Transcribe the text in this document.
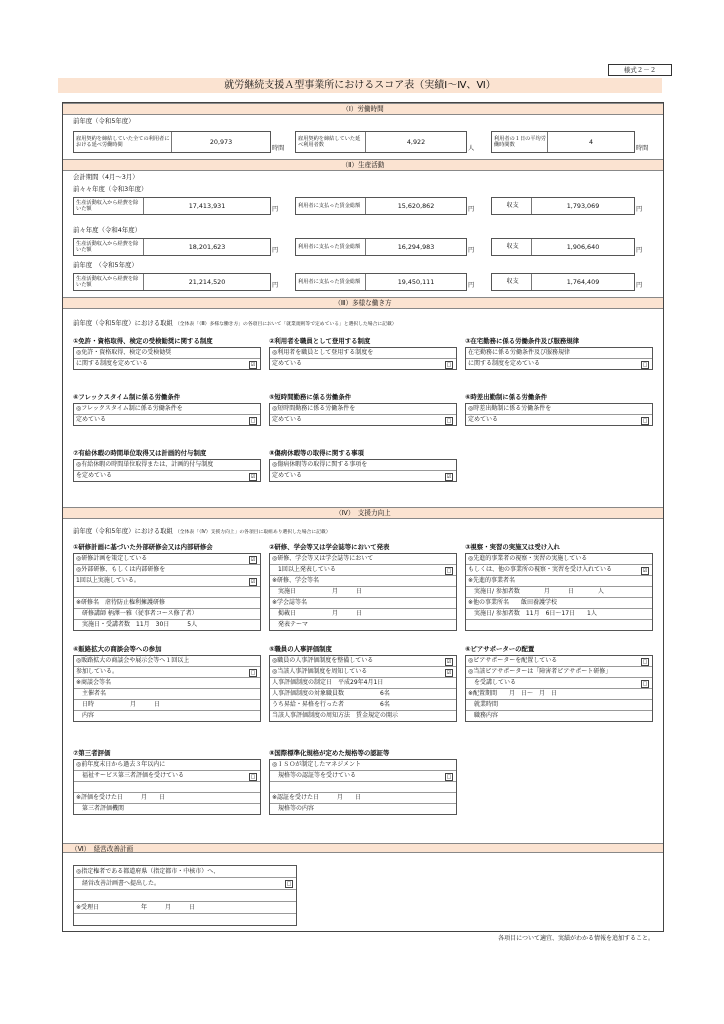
様式２－２
就労継続支援Ａ型事業所におけるスコア表（実績Ⅰ～Ⅳ、Ⅵ）
（Ⅰ）労働時間
前年度（令和5年度）
雇用契約を締結していた全ての利用者における延べ労働時間	20,973
時間
雇用契約を締結していた延べ利用者数	4,922
人
利用者の１日の平均労働時間数	4
時間
（Ⅱ）生産活動
会計期間（4月～3月）
前々々年度（令和3年度）
生産活動収入から経費を除いた額	17,413,931	円
利用者に支払った賃金総額	15,620,862	円
収支	1,793,069	円
前々年度（令和4年度）
生産活動収入から経費を除いた額	18,201,623	円
利用者に支払った賃金総額	16,294,983	円
収支	1,906,640	円
前年度　（令和5年度）
生産活動収入から経費を除いた額	21,214,520	円
利用者に支払った賃金総額	19,450,111	円
収支	1,764,409	円
（Ⅲ）多様な働き方
前年度（令和5年度）における取組 （全体表「（Ⅲ）多様な働き方」の各項目において「就業規則等で定めている」と選択した場合に記載）
①免許・資格取得、検定の受検勧奨に関する制度
◎免許・資格取得、検定の受検勧奨
に関する制度を定めている	☑
②利用者を職員として登用する制度
◎利用者を職員として登用する制度を
定めている	□
③在宅勤務に係る労働条件及び服務規律
在宅勤務に係る労働条件及び服務規律
に関する制度を定めている	□
④フレックスタイム制に係る労働条件
◎フレックスタイム制に係る労働条件を
定めている	□
⑤短時間勤務に係る労働条件
◎短時間勤務に係る労働条件を
定めている	□
⑥時差出勤制に係る労働条件
◎時差出勤制に係る労働条件を
定めている	□
⑦有給休暇の時間単位取得又は計画的付与制度
◎有給休暇の時間単位取得または、計画的付与制度
を定めている	☑
⑧傷病休暇等の取得に関する事項
◎傷病休暇等の取得に関する事項を
定めている	☑
（Ⅳ）　支援力向上
前年度（令和5年度）における取組 （全体表「（Ⅳ）支援力向上」の各項目に取組あり選択した場合に記載）
①研修計画に基づいた外部研修会又は内部研修会
◎研修計画を策定している	☑
◎外部研修、もしくは内部研修を
1回以上実施している。	☑
※研修名　虐待防止権利擁護研修
　研修講師 柄澤一雅（従事者コース修了者）
　実施日・受講者数　11月　30日　　　5人
②研修、学会等又は学会誌等において発表
◎研修、学会等又は学会誌等において
　1回以上発表している	□
※研修、学会等名
　実施日　　　　　　月　　　日
※学会誌等名
　掲載日　　　　　　月　　　日
　発表テーマ
③視察・実習の実施又は受け入れ
◎先進的事業者の視察・実習の実施している
もしくは、他の事業所の視察・実習を受け入れている	☑
※先進的事業者名
　実施日/ 参加者数　　　　月　　　日　　　　人
※他の事業所名　　飯田養護学校
　実施日/ 参加者数　11月　6日～17日　　1人
④販路拡大の商談会等への参加
◎販路拡大の商談会や展示会等へ１回以上
参加している。	□
※商談会等名
　主催者名
　日時　　　　　　月　　　日
　内容
⑤職員の人事評価制度
◎職員の人事評価制度を整備している	☑
◎当該人事評価制度を周知している	☑
人事評価制度の制定日　平成29年4月1日
人事評価制度の対象職員数　　　　　　6名
うち昇給・昇格を行った者　　　　　　6名
当該人事評価制度の周知方法　賃金規定の開示
⑥ピアサポーターの配置
◎ピアサポーターを配置している	□
◎当該ピアサポーターは「障害者ピアサポート研修」
　を受講している	□
※配置期間　　月　日～　月　日
　就業時間
　職務内容
⑦第三者評価
◎前年度末日から過去３年以内に
　福祉サービス第三者評価を受けている	□
※評価を受けた日　　　月　　日
　第三者評価機関
⑧国際標準化規格が定めた規格等の認証等
◎ＩＳＯが制定したマネジメント
　規格等の認証等を受けている	□
※認証を受けた日　　　月　　日
　規格等の内容
（Ⅵ）　経営改善計画
◎指定権者である都道府県（指定都市・中核市）へ、
　経営改善計画書へ提出した。	□
※受理日　　　　　　　年　　　月　　　日
各項目について適宜、実績がわかる情報を追加すること。
